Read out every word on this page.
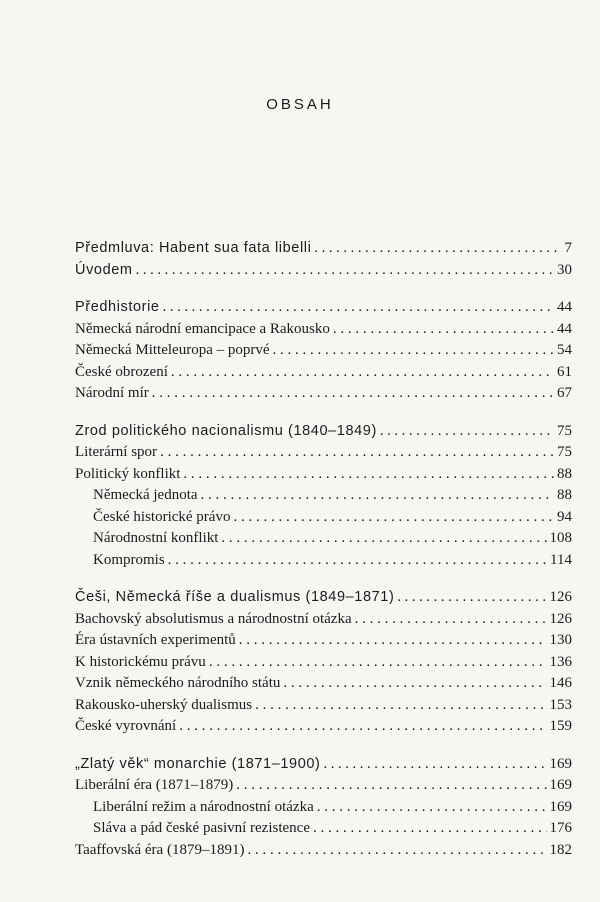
OBSAH
Předmluva: Habent sua fata libelli . . .	7
Úvodem . . .	30
Předhistorie . . .	44
Německá národní emancipace a Rakousko . . .	44
Německá Mitteleuropa – poprvé . . .	54
České obrození . . .	61
Národní mír . . .	67
Zrod politického nacionalismu (1840–1849) . . .	75
Literární spor . . .	75
Politický konflikt . . .	88
Německá jednota . . .	88
České historické právo . . .	94
Národnostní konflikt . . .	108
Kompromis . . .	114
Češi, Německá říše a dualismus (1849–1871) . . .	126
Bachovský absolutismus a národnostní otázka . . .	126
Éra ústavních experimentů . . .	130
K historickému právu . . .	136
Vznik německého národního státu . . .	146
Rakousko-uherský dualismus . . .	153
České vyrovnání . . .	159
„Zlatý věk“ monarchie (1871–1900) . . .	169
Liberální éra (1871–1879) . . .	169
Liberální režim a národnostní otázka . . .	169
Sláva a pád české pasivní rezistence . . .	176
Taaffovská éra (1879–1891) . . .	182
